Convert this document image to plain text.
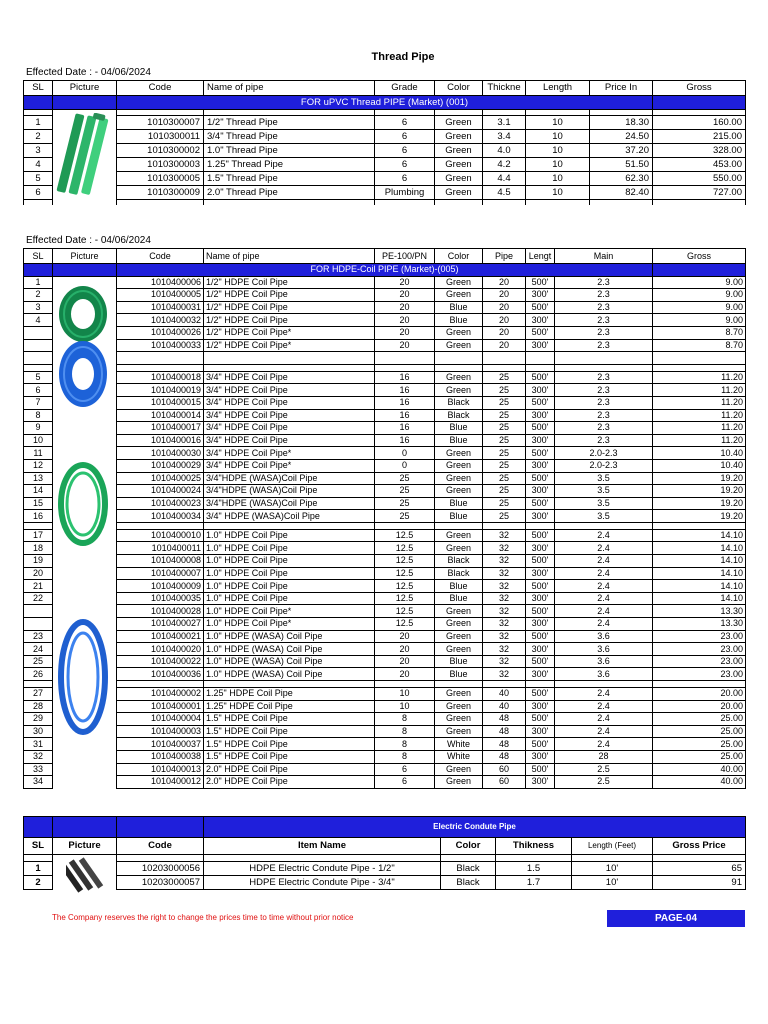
Thread Pipe
Effected Date : - 04/06/2024
SL	Picture	Code	Name of pipe	Grade	Color	Thickne	Length	Price In	Gross
		FOR uPVC Thread PIPE (Market) (001)							

1		1010300007	1/2" Thread Pipe	6	Green	3.1	10	18.30	160.00
2		1010300011	3/4" Thread Pipe	6	Green	3.4	10	24.50	215.00
3		1010300002	1.0" Thread Pipe	6	Green	4.0	10	37.20	328.00
4		1010300003	1.25" Thread Pipe	6	Green	4.2	10	51.50	453.00
5		1010300005	1.5" Thread Pipe	6	Green	4.4	10	62.30	550.00
6		1010300009	2.0" Thread Pipe	Plumbing	Green	4.5	10	82.40	727.00

Effected Date : - 04/06/2024
SL	Picture	Code	Name of pipe	PE-100/PN	Color	Pipe	Lengt	Main	Gross
		FOR HDPE-Coil PIPE (Market)-(005)							
1		1010400006	1/2" HDPE Coil Pipe	20	Green	20	500'	2.3	9.00
2		1010400005	1/2" HDPE Coil Pipe	20	Green	20	300'	2.3	9.00
3		1010400031	1/2" HDPE Coil Pipe	20	Blue	20	500'	2.3	9.00
4		1010400032	1/2" HDPE Coil Pipe	20	Blue	20	300'	2.3	9.00
		1010400026	1/2" HDPE Coil Pipe*	20	Green	20	500'	2.3	8.70
		1010400033	1/2" HDPE Coil Pipe*	20	Green	20	300'	2.3	8.70

5		1010400018	3/4" HDPE Coil Pipe	16	Green	25	500'	2.3	11.20
6		1010400019	3/4" HDPE Coil Pipe	16	Green	25	300'	2.3	11.20
7		1010400015	3/4" HDPE Coil Pipe	16	Black	25	500'	2.3	11.20
8		1010400014	3/4" HDPE Coil Pipe	16	Black	25	300'	2.3	11.20
9		1010400017	3/4" HDPE Coil Pipe	16	Blue	25	500'	2.3	11.20
10		1010400016	3/4" HDPE Coil Pipe	16	Blue	25	300'	2.3	11.20
11		1010400030	3/4" HDPE Coil Pipe*	0	Green	25	500'	2.0-2.3	10.40
12		1010400029	3/4" HDPE Coil Pipe*	0	Green	25	300'	2.0-2.3	10.40
13		1010400025	3/4"HDPE (WASA)Coil Pipe	25	Green	25	500'	3.5	19.20
14		1010400024	3/4"HDPE (WASA)Coil Pipe	25	Green	25	300'	3.5	19.20
15		1010400023	3/4"HDPE (WASA)Coil Pipe	25	Blue	25	500'	3.5	19.20
16		1010400034	3/4" HDPE (WASA)Coil Pipe	25	Blue	25	300'	3.5	19.20

17		1010400010	1.0" HDPE Coil Pipe	12.5	Green	32	500'	2.4	14.10
18		1010400011	1.0" HDPE Coil Pipe	12.5	Green	32	300'	2.4	14.10
19		1010400008	1.0" HDPE Coil Pipe	12.5	Black	32	500'	2.4	14.10
20		1010400007	1.0" HDPE Coil Pipe	12.5	Black	32	300'	2.4	14.10
21		1010400009	1.0" HDPE Coil Pipe	12.5	Blue	32	500'	2.4	14.10
22		1010400035	1.0" HDPE Coil Pipe	12.5	Blue	32	300'	2.4	14.10
		1010400028	1.0" HDPE Coil Pipe*	12.5	Green	32	500'	2.4	13.30
		1010400027	1.0" HDPE Coil Pipe*	12.5	Green	32	300'	2.4	13.30
23		1010400021	1.0" HDPE (WASA) Coil Pipe	20	Green	32	500'	3.6	23.00
24		1010400020	1.0" HDPE (WASA) Coil Pipe	20	Green	32	300'	3.6	23.00
25		1010400022	1.0" HDPE (WASA) Coil Pipe	20	Blue	32	500'	3.6	23.00
26		1010400036	1.0" HDPE (WASA) Coil Pipe	20	Blue	32	300'	3.6	23.00

27		1010400002	1.25" HDPE Coil Pipe	10	Green	40	500'	2.4	20.00
28		1010400001	1.25" HDPE Coil Pipe	10	Green	40	300'	2.4	20.00
29		1010400004	1.5" HDPE Coil Pipe	8	Green	48	500'	2.4	25.00
30		1010400003	1.5" HDPE Coil Pipe	8	Green	48	300'	2.4	25.00
31		1010400037	1.5" HDPE Coil Pipe	8	White	48	500'	2.4	25.00
32		1010400038	1.5" HDPE Coil Pipe	8	White	48	300'	28	25.00
33		1010400013	2.0" HDPE Coil Pipe	6	Green	60	500'	2.5	40.00
34		1010400012	2.0" HDPE Coil Pipe	6	Green	60	300'	2.5	40.00
			Electric Condute Pipe				
SL	Picture	Code	Item Name	Color	Thikness	Length (Feet)	Gross Price

1		10203000056	HDPE Electric Condute Pipe - 1/2"	Black	1.5	10'	65
2		10203000057	HDPE Electric Condute Pipe - 3/4"	Black	1.7	10'	91
The Company reserves the right to change the prices time to time without prior notice	PAGE-04
